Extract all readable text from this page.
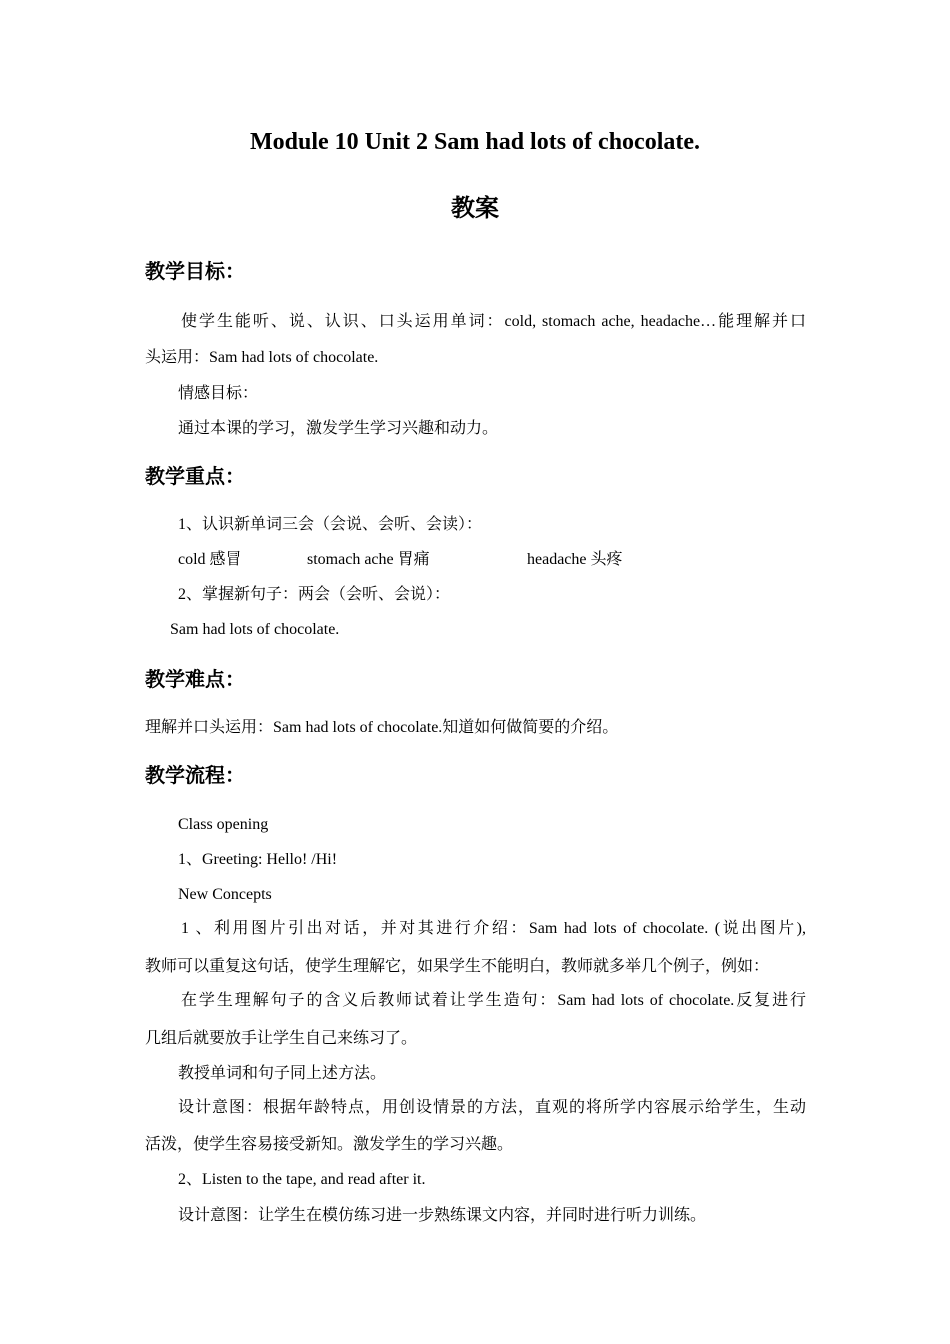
Module 10 Unit 2 Sam had lots of chocolate.
教案
教学目标：
使学生能听、说、认识、口头运用单词：cold, stomach ache, headache…能理解并口
头运用：Sam had lots of chocolate.
情感目标：
通过本课的学习，激发学生学习兴趣和动力。
教学重点：
1、认识新单词三会（会说、会听、会读）：
cold 感冒	stomach ache 胃痛	headache 头疼
2、掌握新句子：两会（会听、会说）：
Sam had lots of chocolate.
教学难点：
理解并口头运用：Sam had lots of chocolate.知道如何做简要的介绍。
教学流程：
Class opening
1、Greeting: Hello! /Hi!
New Concepts
1 、利用图片引出对话，并对其进行介绍：Sam had lots of chocolate. (说出图片),
教师可以重复这句话，使学生理解它，如果学生不能明白，教师就多举几个例子，例如：
在学生理解句子的含义后教师试着让学生造句：Sam had lots of chocolate.反复进行
几组后就要放手让学生自己来练习了。
教授单词和句子同上述方法。
设计意图：根据年龄特点，用创设情景的方法，直观的将所学内容展示给学生，生动
活泼，使学生容易接受新知。激发学生的学习兴趣。
2、Listen to the tape, and read after it.
设计意图：让学生在模仿练习进一步熟练课文内容，并同时进行听力训练。
